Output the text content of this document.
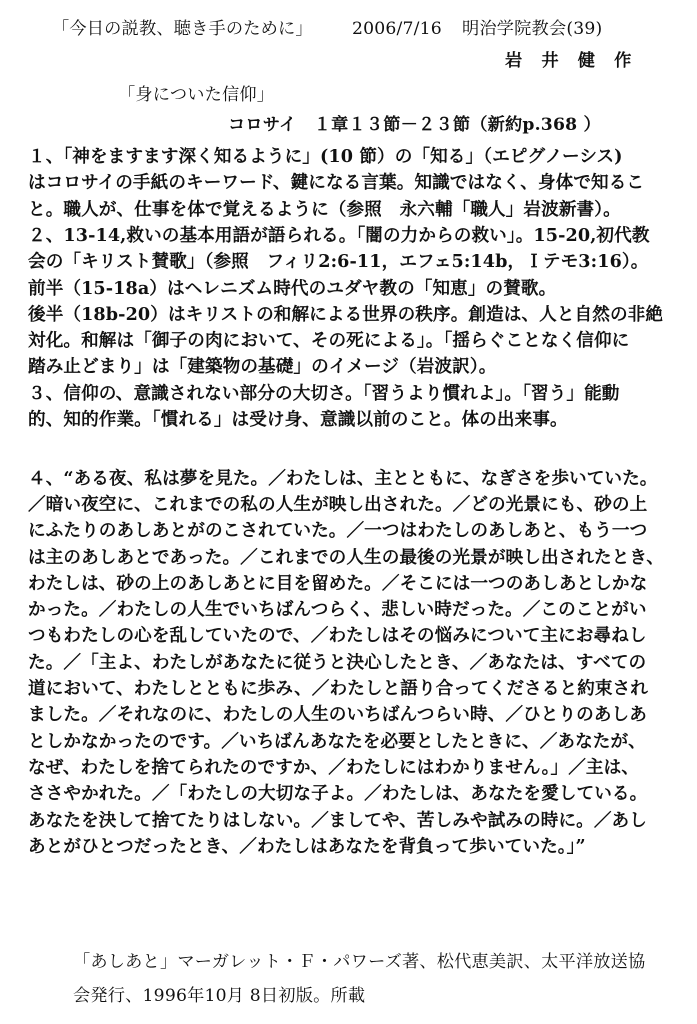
「今日の説教、聴き手のために」 2006/7/16 明治学院教会(39)
岩　井　健　作
「身についた信仰」
コロサイ　１章１３節－２３節（新約p.368 ）
１、「神をますます深く知るように」(10 節）の「知る」（エピグノーシス)
はコロサイの手紙のキーワード、鍵になる言葉。知識ではなく、身体で知るこ
と。職人が、仕事を体で覚えるように（参照　永六輔「職人」岩波新書）。
２、13-14,救いの基本用語が語られる。「闇の力からの救い」。15-20,初代教
会の「キリスト賛歌」（参照　フィリ2:6-11，エフェ5:14b，Ｉテモ3:16）。
前半（15-18a）はヘレニズム時代のユダヤ教の「知恵」の賛歌。
後半（18b-20）はキリストの和解による世界の秩序。創造は、人と自然の非絶
対化。和解は「御子の肉において、その死による」。「揺らぐことなく信仰に
踏み止どまり」は「建築物の基礎」のイメージ（岩波訳）。
３、信仰の、意識されない部分の大切さ。「習うより慣れよ」。「習う」能動
的、知的作業。「慣れる」は受け身、意識以前のこと。体の出来事。
４、“ある夜、私は夢を見た。／わたしは、主とともに、なぎさを歩いていた。
／暗い夜空に、これまでの私の人生が映し出された。／どの光景にも、砂の上
にふたりのあしあとがのこされていた。／一つはわたしのあしあと、もう一つ
は主のあしあとであった。／これまでの人生の最後の光景が映し出されたとき、
わたしは、砂の上のあしあとに目を留めた。／そこには一つのあしあとしかな
かった。／わたしの人生でいちばんつらく、悲しい時だった。／このことがい
つもわたしの心を乱していたので、／わたしはその悩みについて主にお尋ねし
た。／「主よ、わたしがあなたに従うと決心したとき、／あなたは、すべての
道において、わたしとともに歩み、／わたしと語り合ってくださると約束され
ました。／それなのに、わたしの人生のいちばんつらい時、／ひとりのあしあ
としかなかったのです。／いちばんあなたを必要としたときに、／あなたが、
なぜ、わたしを捨てられたのですか、／わたしにはわかりません。」／主は、
ささやかれた。／「わたしの大切な子よ。／わたしは、あなたを愛している。
あなたを決して捨てたりはしない。／ましてや、苦しみや試みの時に。／あし
あとがひとつだったとき、／わたしはあなたを背負って歩いていた。」”
「あしあと」マーガレット・Ｆ・パワーズ著、松代恵美訳、太平洋放送協
会発行、1996年10月 8日初版。所載
